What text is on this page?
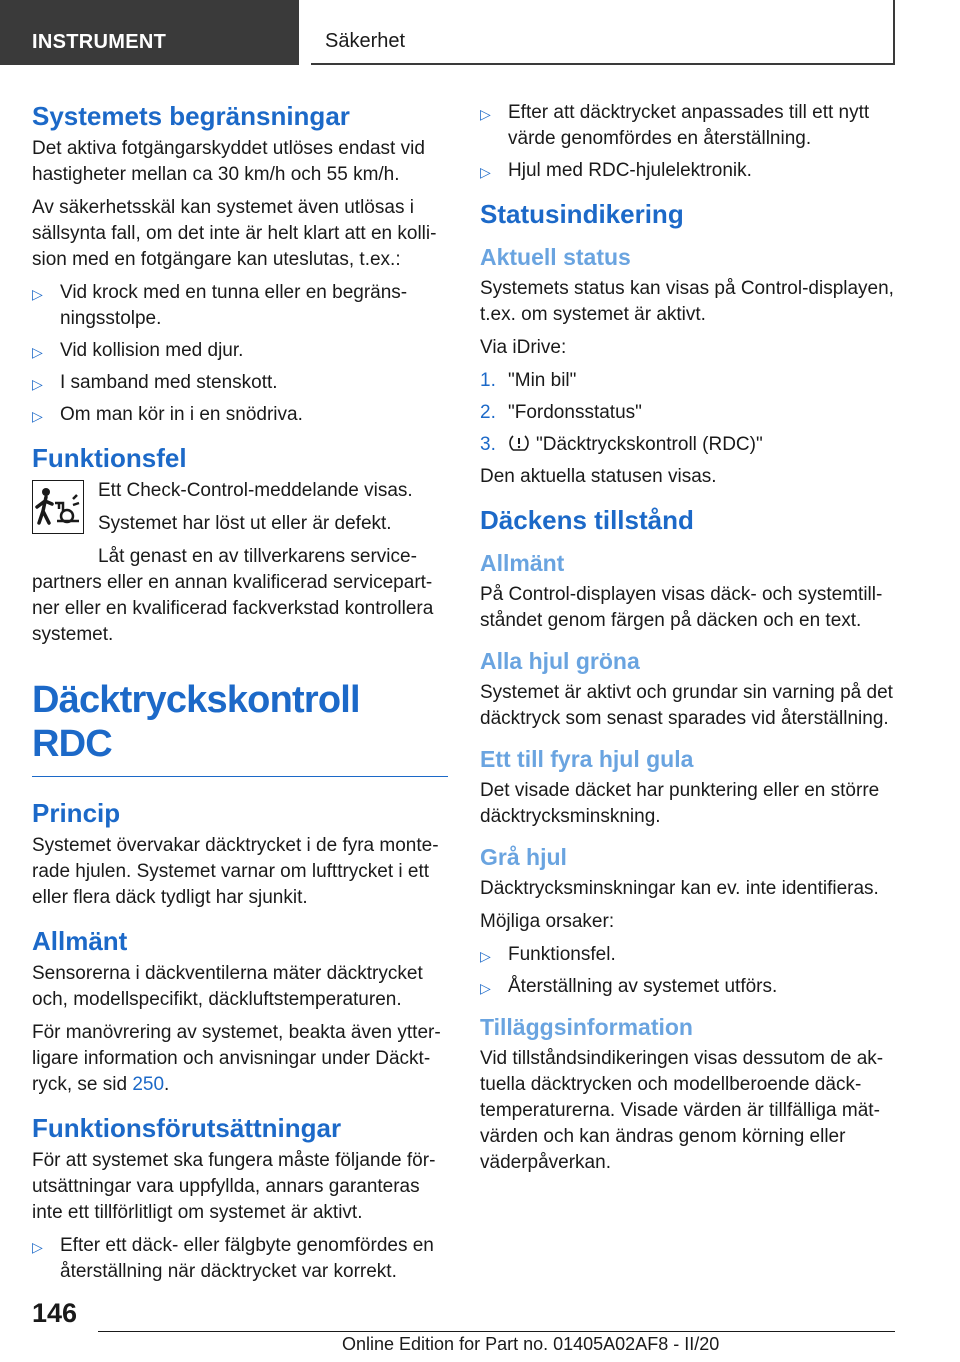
INSTRUMENT	Säkerhet
Systemets begränsningar

Det aktiva fotgängarskyddet utlöses endast vid hastigheter mellan ca 30 km/h och 55 km/h.

Av säkerhetsskäl kan systemet även utlösas i sällsynta fall, om det inte är helt klart att en kolli-sion med en fotgängare kan uteslutas, t.ex.:

▷ Vid krock med en tunna eller en begräns-ningsstolpe.
▷ Vid kollision med djur.
▷ I samband med stenskott.
▷ Om man kör in i en snödriva.
Funktionsfel

Ett Check-Control-meddelande visas.

Systemet har löst ut eller är defekt.

Låt genast en av tillverkarens service-

partners eller en annan kvalificerad servicepart-ner eller en kvalificerad fackverkstad kontrollera systemet.

Däcktryckskontroll RDC
Princip

Systemet övervakar däcktrycket i de fyra monte-rade hjulen. Systemet varnar om lufttrycket i ett eller flera däck tydligt har sjunkit.

Allmänt

Sensorerna i däckventilerna mäter däcktrycket och, modellspecifikt, däckluftstemperaturen.

För manövrering av systemet, beakta även ytter-ligare information och anvisningar under Däckt-ryck, se sid 250.

Funktionsförutsättningar

För att systemet ska fungera måste följande för-utsättningar vara uppfyllda, annars garanteras inte ett tillförlitligt om systemet är aktivt.

▷ Efter ett däck- eller fälgbyte genomfördes en återställning när däcktrycket var korrekt.
▷ Efter att däcktrycket anpassades till ett nytt värde genomfördes en återställning.
▷ Hjul med RDC-hjulelektronik.
Statusindikering
Aktuell status

Systemets status kan visas på Control-displayen, t.ex. om systemet är aktivt.

Via iDrive:

1. "Min bil"
2. "Fordonsstatus"
3. "Däcktryckskontroll (RDC)"

Den aktuella statusen visas.

Däckens tillstånd
Allmänt

På Control-displayen visas däck- och systemtill-ståndet genom färgen på däcken och en text.

Alla hjul gröna

Systemet är aktivt och grundar sin varning på det däcktryck som senast sparades vid återställning.

Ett till fyra hjul gula

Det visade däcket har punktering eller en större däcktrycksminskning.

Grå hjul

Däcktrycksminskningar kan ev. inte identifieras.

Möjliga orsaker:

▷ Funktionsfel.
▷ Återställning av systemet utförs.
Tilläggsinformation

Vid tillståndsindikeringen visas dessutom de ak-tuella däcktrycken och modellberoende däck-temperaturerna. Visade värden är tillfälliga mät-värden och kan ändras genom körning eller väderpåverkan.

146
Online Edition for Part no. 01405A02AF8 - II/20
